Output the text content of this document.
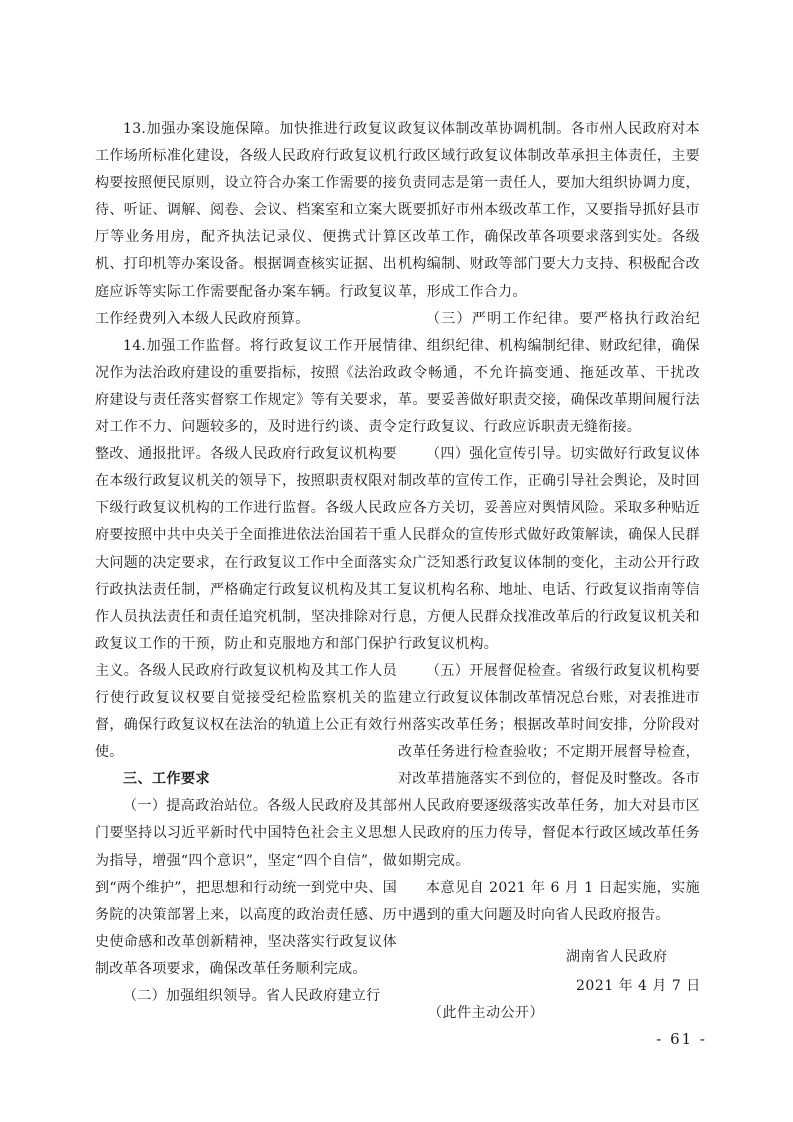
13.加强办案设施保障。加快推进行政复议工作场所标准化建设，各级人民政府行政复议机构要按照便民原则，设立符合办案工作需要的接待、听证、调解、阅卷、会议、档案室和立案大厅等业务用房，配齐执法记录仪、便携式计算机、打印机等办案设备。根据调查核实证据、出庭应诉等实际工作需要配备办案车辆。行政复议工作经费列入本级人民政府预算。

14.加强工作监督。将行政复议工作开展情况作为法治政府建设的重要指标，按照《法治政府建设与责任落实督察工作规定》等有关要求，对工作不力、问题较多的，及时进行约谈、责令整改、通报批评。各级人民政府行政复议机构要在本级行政复议机关的领导下，按照职责权限对下级行政复议机构的工作进行监督。各级人民政府要按照中共中央关于全面推进依法治国若干重大问题的决定要求，在行政复议工作中全面落实行政执法责任制，严格确定行政复议机构及其工作人员执法责任和责任追究机制，坚决排除对行政复议工作的干预，防止和克服地方和部门保护主义。各级人民政府行政复议机构及其工作人员行使行政复议权要自觉接受纪检监察机关的监督，确保行政复议权在法治的轨道上公正有效行使。

三、工作要求

（一）提高政治站位。各级人民政府及其部门要坚持以习近平新时代中国特色社会主义思想为指导，增强“四个意识”，坚定“四个自信”，做到“两个维护”，把思想和行动统一到党中央、国务院的决策部署上来，以高度的政治责任感、历史使命感和改革创新精神，坚决落实行政复议体制改革各项要求，确保改革任务顺利完成。

（二）加强组织领导。省人民政府建立行

政复议体制改革协调机制。各市州人民政府对本行政区域行政复议体制改革承担主体责任，主要负责同志是第一责任人，要加大组织协调力度，既要抓好市州本级改革工作，又要指导抓好县市区改革工作，确保改革各项要求落到实处。各级机构编制、财政等部门要大力支持、积极配合改革，形成工作合力。

（三）严明工作纪律。要严格执行政治纪律、组织纪律、机构编制纪律、财政纪律，确保政令畅通，不允许搞变通、拖延改革、干扰改革。要妥善做好职责交接，确保改革期间履行法定行政复议、行政应诉职责无缝衔接。

（四）强化宣传引导。切实做好行政复议体制改革的宣传工作，正确引导社会舆论，及时回应各方关切，妥善应对舆情风险。采取多种贴近人民群众的宣传形式做好政策解读，确保人民群众广泛知悉行政复议体制的变化，主动公开行政复议机构名称、地址、电话、行政复议指南等信息，方便人民群众找准改革后的行政复议机关和行政复议机构。

（五）开展督促检查。省级行政复议机构要建立行政复议体制改革情况总台账，对表推进市州落实改革任务；根据改革时间安排，分阶段对改革任务进行检查验收；不定期开展督导检查，对改革措施落实不到位的，督促及时整改。各市州人民政府要逐级落实改革任务，加大对县市区人民政府的压力传导，督促本行政区域改革任务如期完成。

本意见自 2021 年 6 月 1 日起实施，实施中遇到的重大问题及时向省人民政府报告。

湖南省人民政府
2021 年 4 月 7 日
（此件主动公开）
- 61 -
